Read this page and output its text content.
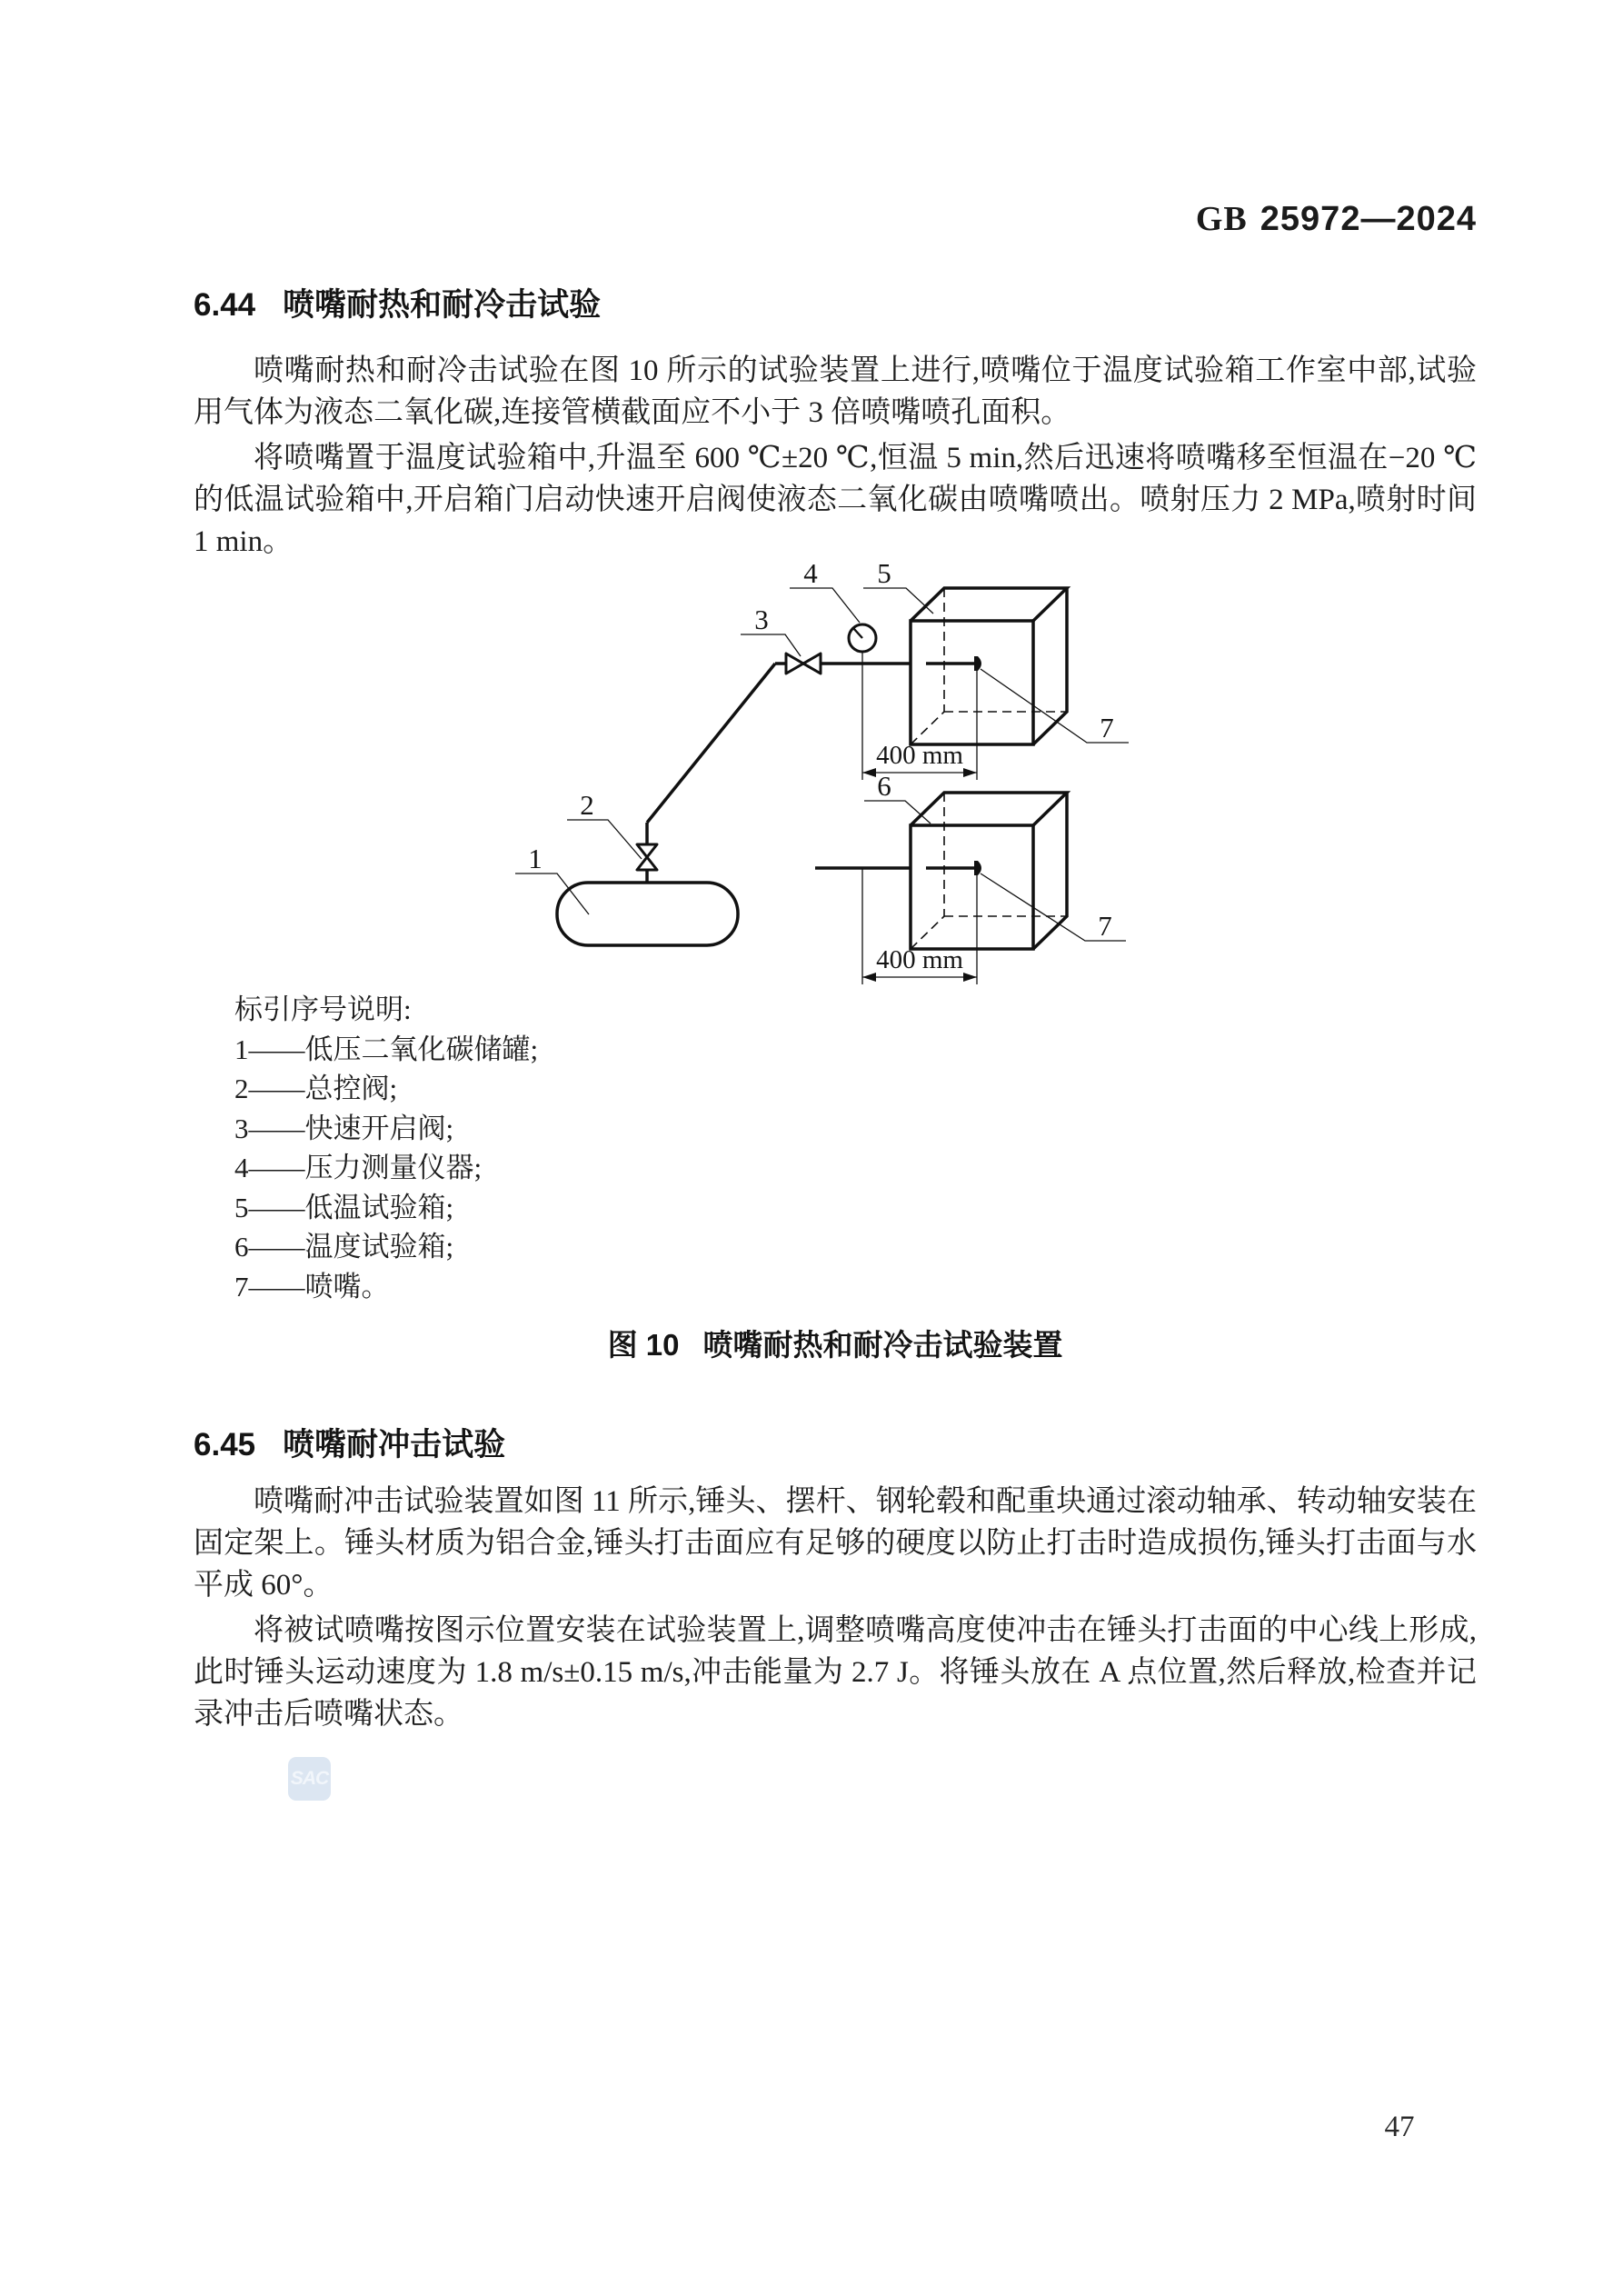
GB 25972—2024
6.44 喷嘴耐热和耐冷击试验

喷嘴耐热和耐冷击试验在图 10 所示的试验装置上进行,喷嘴位于温度试验箱工作室中部,试验用气体为液态二氧化碳,连接管横截面应不小于 3 倍喷嘴喷孔面积。

将喷嘴置于温度试验箱中,升温至 600 ℃±20 ℃,恒温 5 min,然后迅速将喷嘴移至恒温在−20 ℃的低温试验箱中,开启箱门启动快速开启阀使液态二氧化碳由喷嘴喷出。喷射压力 2 MPa,喷射时间 1 min。

400 mm
400 mm
1
2
3
4 5
6
7
7
标引序号说明:
1——低压二氧化碳储罐;
2——总控阀;
3——快速开启阀;
4——压力测量仪器;
5——低温试验箱;
6——温度试验箱;
7——喷嘴。
图 10 喷嘴耐热和耐冷击试验装置
6.45 喷嘴耐冲击试验

喷嘴耐冲击试验装置如图 11 所示,锤头、摆杆、钢轮毂和配重块通过滚动轴承、转动轴安装在固定架上。锤头材质为铝合金,锤头打击面应有足够的硬度以防止打击时造成损伤,锤头打击面与水平成 60°。

将被试喷嘴按图示位置安装在试验装置上,调整喷嘴高度使冲击在锤头打击面的中心线上形成,此时锤头运动速度为 1.8 m/s±0.15 m/s,冲击能量为 2.7 J。将锤头放在 A 点位置,然后释放,检查并记录冲击后喷嘴状态。

SAC
47
